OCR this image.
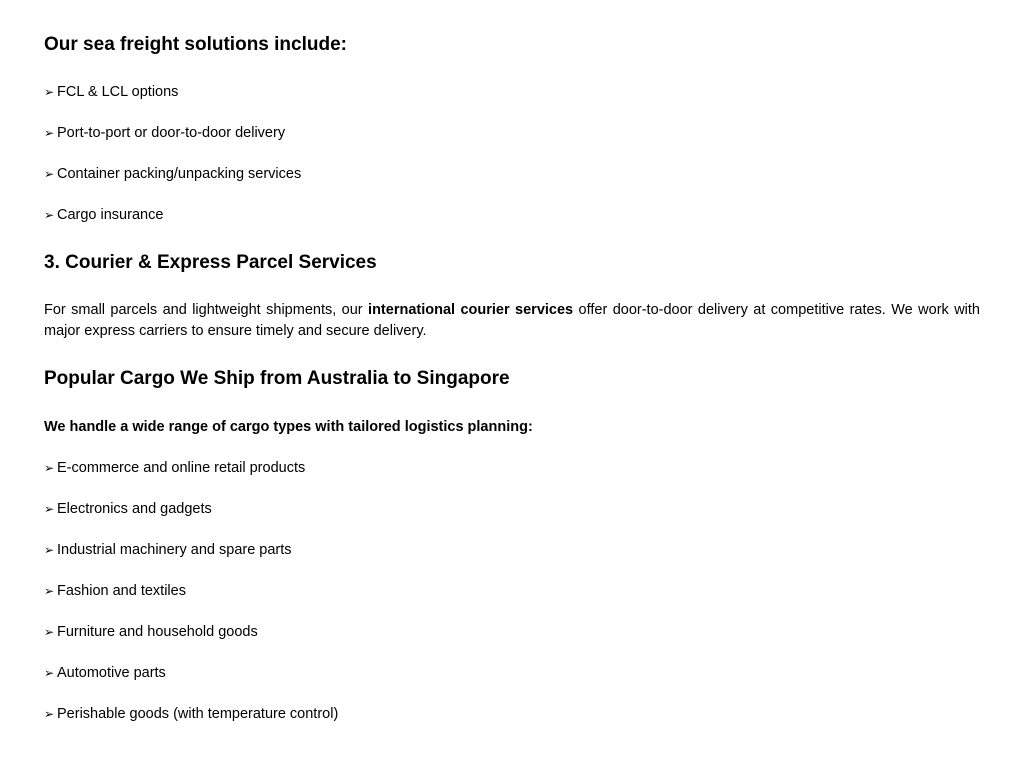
Our sea freight solutions include:
➢ FCL & LCL options
➢ Port-to-port or door-to-door delivery
➢ Container packing/unpacking services
➢ Cargo insurance
3. Courier & Express Parcel Services
For small parcels and lightweight shipments, our international courier services offer door-to-door delivery at competitive rates. We work with major express carriers to ensure timely and secure delivery.
Popular Cargo We Ship from Australia to Singapore
We handle a wide range of cargo types with tailored logistics planning:
➢ E-commerce and online retail products
➢ Electronics and gadgets
➢ Industrial machinery and spare parts
➢ Fashion and textiles
➢ Furniture and household goods
➢ Automotive parts
➢ Perishable goods (with temperature control)
